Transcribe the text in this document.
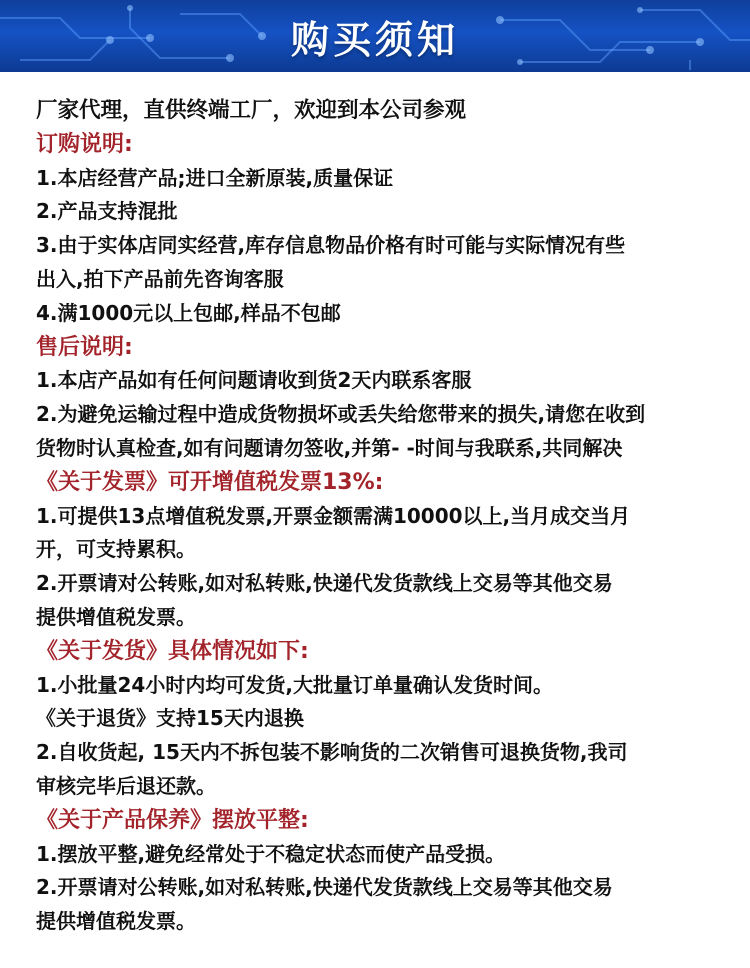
购买须知
厂家代理，直供终端工厂，欢迎到本公司参观
订购说明:
1.本店经营产品;进口全新原装,质量保证
2.产品支持混批
3.由于实体店同实经营,库存信息物品价格有时可能与实际情况有些
出入,拍下产品前先咨询客服
4.满1000元以上包邮,样品不包邮
售后说明:
1.本店产品如有任何问题请收到货2天内联系客服
2.为避免运输过程中造成货物损坏或丢失给您带来的损失,请您在收到
货物时认真检查,如有问题请勿签收,并第- -时间与我联系,共同解决
《关于发票》可开增值税发票13%:
1.可提供13点增值税发票,开票金额需满10000以上,当月成交当月
开，可支持累积。
2.开票请对公转账,如对私转账,快递代发货款线上交易等其他交易
提供增值税发票。
《关于发货》具体情况如下:
1.小批量24小时内均可发货,大批量订单量确认发货时间。
《关于退货》支持15天内退换
2.自收货起, 15天内不拆包装不影响货的二次销售可退换货物,我司
审核完毕后退还款。
《关于产品保养》摆放平整:
1.摆放平整,避免经常处于不稳定状态而使产品受损。
2.开票请对公转账,如对私转账,快递代发货款线上交易等其他交易
提供增值税发票。
